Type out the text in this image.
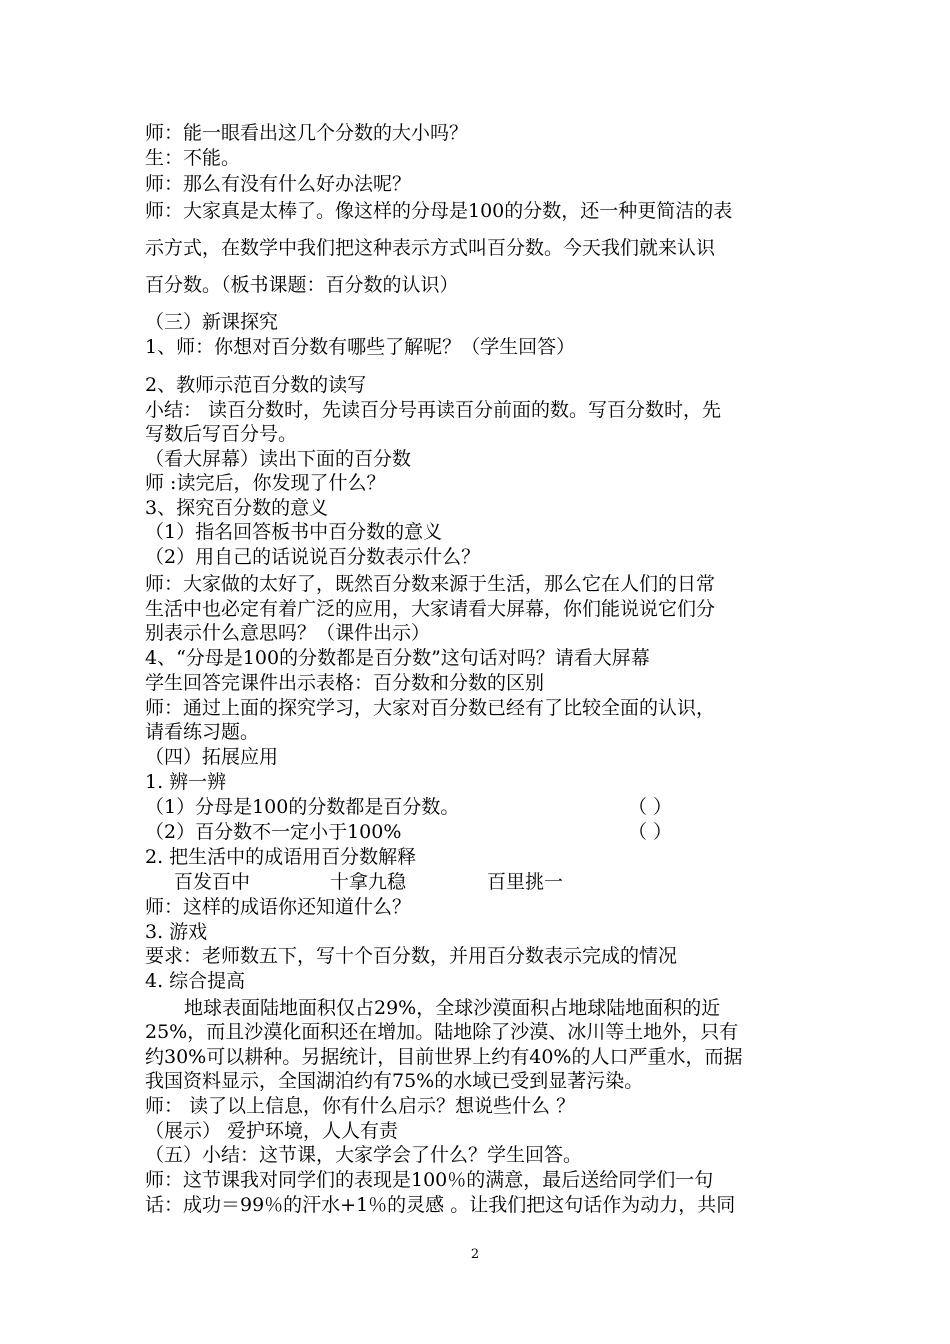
师：能一眼看出这几个分数的大小吗？
生：不能。
师：那么有没有什么好办法呢？
师：大家真是太棒了。像这样的分母是100的分数，还一种更简洁的表
示方式，在数学中我们把这种表示方式叫百分数。今天我们就来认识
百分数。（板书课题：百分数的认识）
（三）新课探究
1、师：你想对百分数有哪些了解呢？（学生回答）
2、教师示范百分数的读写
小结： 读百分数时，先读百分号再读百分前面的数。写百分数时，先
写数后写百分号。
（看大屏幕）读出下面的百分数
师 :读完后，你发现了什么？
3、探究百分数的意义
（1）指名回答板书中百分数的意义
（2）用自己的话说说百分数表示什么？
师：大家做的太好了，既然百分数来源于生活，那么它在人们的日常
生活中也必定有着广泛的应用，大家请看大屏幕，你们能说说它们分
别表示什么意思吗？（课件出示）
4、“分母是100的分数都是百分数”这句话对吗？请看大屏幕
学生回答完课件出示表格：百分数和分数的区别
师：通过上面的探究学习，大家对百分数已经有了比较全面的认识，
请看练习题。
（四）拓展应用
1. 辨一辨
（1）分母是100的分数都是百分数。	（ ）
（2）百分数不一定小于100%	（ ）
2. 把生活中的成语用百分数解释
百发百中	十拿九稳	百里挑一
师：这样的成语你还知道什么？
3. 游戏
要求：老师数五下，写十个百分数，并用百分数表示完成的情况
4. 综合提高
地球表面陆地面积仅占29%，全球沙漠面积占地球陆地面积的近
25%，而且沙漠化面积还在增加。陆地除了沙漠、冰川等土地外，只有
约30%可以耕种。另据统计，目前世界上约有40%的人口严重水，而据
我国资料显示，全国湖泊约有75%的水域已受到显著污染。
师： 读了以上信息，你有什么启示？想说些什么 ？
（展示） 爱护环境，人人有责
（五）小结：这节课，大家学会了什么？学生回答。
师：这节课我对同学们的表现是100％的满意，最后送给同学们一句
话：成功＝99％的汗水+1％的灵感 。让我们把这句话作为动力，共同
2
